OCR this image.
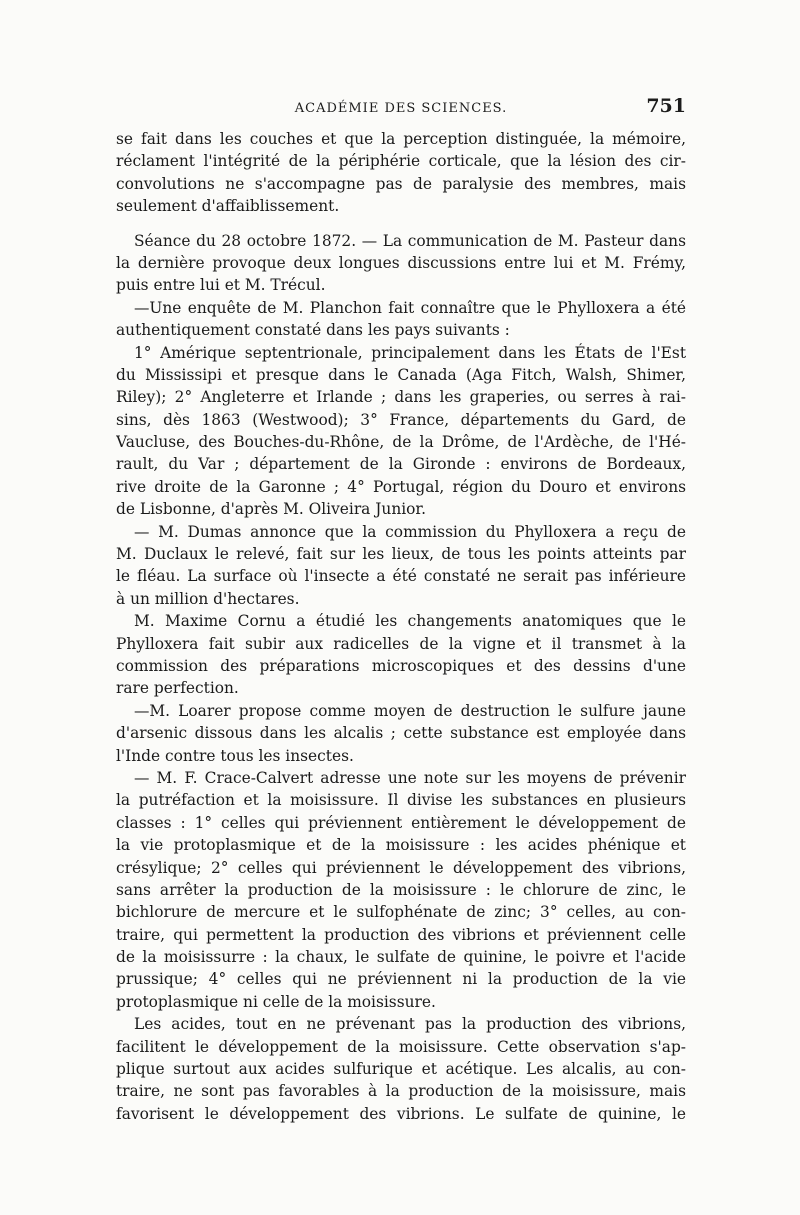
ACADÉMIE DES SCIENCES.	751
se fait dans les couches et que la perception distinguée, la mémoire,
réclament l'intégrité de la périphérie corticale, que la lésion des cir-
convolutions ne s'accompagne pas de paralysie des membres, mais
seulement d'affaiblissement.
Séance du 28 octobre 1872. — La communication de M. Pasteur dans
la dernière provoque deux longues discussions entre lui et M. Frémy,
puis entre lui et M. Trécul.
—Une enquête de M. Planchon fait connaître que le Phylloxera a été
authentiquement constaté dans les pays suivants :
1° Amérique septentrionale, principalement dans les États de l'Est
du Mississipi et presque dans le Canada (Aga Fitch, Walsh, Shimer,
Riley); 2° Angleterre et Irlande ; dans les graperies, ou serres à rai-
sins, dès 1863 (Westwood); 3° France, départements du Gard, de
Vaucluse, des Bouches-du-Rhône, de la Drôme, de l'Ardèche, de l'Hé-
rault, du Var ; département de la Gironde : environs de Bordeaux,
rive droite de la Garonne ; 4° Portugal, région du Douro et environs
de Lisbonne, d'après M. Oliveira Junior.
— M. Dumas annonce que la commission du Phylloxera a reçu de
M. Duclaux le relevé, fait sur les lieux, de tous les points atteints par
le fléau. La surface où l'insecte a été constaté ne serait pas inférieure
à un million d'hectares.
M. Maxime Cornu a étudié les changements anatomiques que le
Phylloxera fait subir aux radicelles de la vigne et il transmet à la
commission des préparations microscopiques et des dessins d'une
rare perfection.
—M. Loarer propose comme moyen de destruction le sulfure jaune
d'arsenic dissous dans les alcalis ; cette substance est employée dans
l'Inde contre tous les insectes.
— M. F. Crace-Calvert adresse une note sur les moyens de prévenir
la putréfaction et la moisissure. Il divise les substances en plusieurs
classes : 1° celles qui préviennent entièrement le développement de
la vie protoplasmique et de la moisissure : les acides phénique et
crésylique; 2° celles qui préviennent le développement des vibrions,
sans arrêter la production de la moisissure : le chlorure de zinc, le
bichlorure de mercure et le sulfophénate de zinc; 3° celles, au con-
traire, qui permettent la production des vibrions et préviennent celle
de la moisissurre : la chaux, le sulfate de quinine, le poivre et l'acide
prussique; 4° celles qui ne préviennent ni la production de la vie
protoplasmique ni celle de la moisissure.
Les acides, tout en ne prévenant pas la production des vibrions,
facilitent le développement de la moisissure. Cette observation s'ap-
plique surtout aux acides sulfurique et acétique. Les alcalis, au con-
traire, ne sont pas favorables à la production de la moisissure, mais
favorisent le développement des vibrions. Le sulfate de quinine, le
